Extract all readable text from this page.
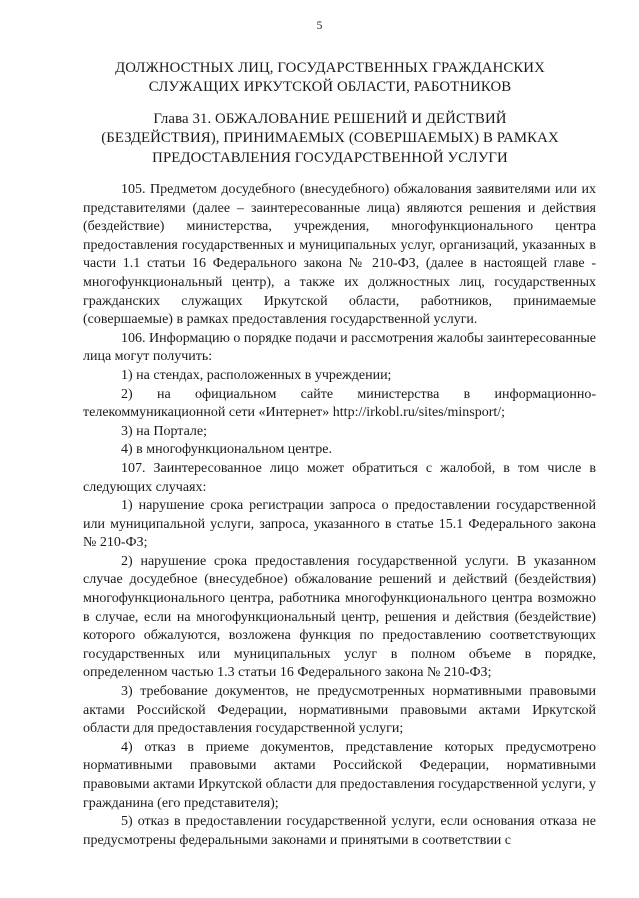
5
ДОЛЖНОСТНЫХ ЛИЦ, ГОСУДАРСТВЕННЫХ ГРАЖДАНСКИХ
СЛУЖАЩИХ ИРКУТСКОЙ ОБЛАСТИ, РАБОТНИКОВ
Глава 31. ОБЖАЛОВАНИЕ РЕШЕНИЙ И ДЕЙСТВИЙ
(БЕЗДЕЙСТВИЯ), ПРИНИМАЕМЫХ (СОВЕРШАЕМЫХ) В РАМКАХ
ПРЕДОСТАВЛЕНИЯ ГОСУДАРСТВЕННОЙ УСЛУГИ

105. Предметом досудебного (внесудебного) обжалования заявителями или их представителями (далее – заинтересованные лица) являются решения и действия (бездействие) министерства, учреждения, многофункционального центра предоставления государственных и муниципальных услуг, организаций, указанных в части 1.1 статьи 16 Федерального закона № 210-ФЗ, (далее в настоящей главе - многофункциональный центр), а также их должностных лиц, государственных гражданских служащих Иркутской области, работников, принимаемые (совершаемые) в рамках предоставления государственной услуги.

106. Информацию о порядке подачи и рассмотрения жалобы заинтересованные лица могут получить:

1) на стендах, расположенных в учреждении;

2) на официальном сайте министерства в информационно-телекоммуникационной сети «Интернет» http://irkobl.ru/sites/minsport/;

3) на Портале;

4) в многофункциональном центре.

107. Заинтересованное лицо может обратиться с жалобой, в том числе в следующих случаях:

1) нарушение срока регистрации запроса о предоставлении государственной или муниципальной услуги, запроса, указанного в статье 15.1 Федерального закона № 210-ФЗ;

2) нарушение срока предоставления государственной услуги. В указанном случае досудебное (внесудебное) обжалование решений и действий (бездействия) многофункционального центра, работника многофункционального центра возможно в случае, если на многофункциональный центр, решения и действия (бездействие) которого обжалуются, возложена функция по предоставлению соответствующих государственных или муниципальных услуг в полном объеме в порядке, определенном частью 1.3 статьи 16 Федерального закона № 210-ФЗ;

3) требование документов, не предусмотренных нормативными правовыми актами Российской Федерации, нормативными правовыми актами Иркутской области для предоставления государственной услуги;

4) отказ в приеме документов, представление которых предусмотрено нормативными правовыми актами Российской Федерации, нормативными правовыми актами Иркутской области для предоставления государственной услуги, у гражданина (его представителя);

5) отказ в предоставлении государственной услуги, если основания отказа не предусмотрены федеральными законами и принятыми в соответствии с
